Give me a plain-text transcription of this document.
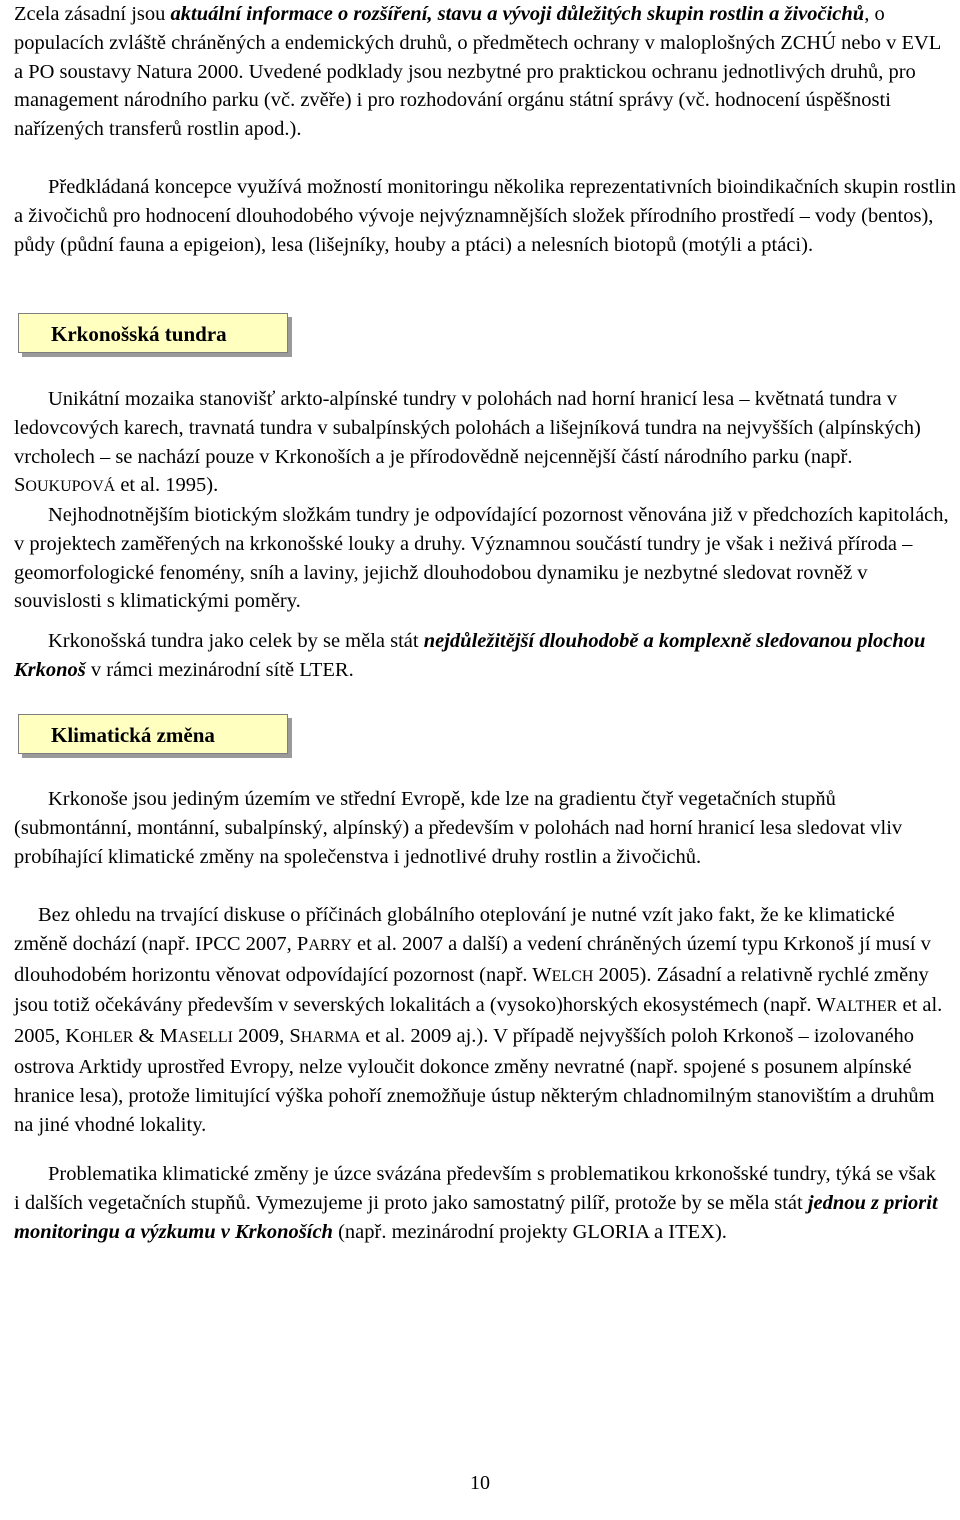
Zcela zásadní jsou aktuální informace o rozšíření, stavu a vývoji důležitých skupin rostlin a živočichů, o populacích zvláště chráněných a endemických druhů, o předmětech ochrany v maloplošných ZCHÚ nebo v EVL a PO soustavy Natura 2000. Uvedené podklady jsou nezbytné pro praktickou ochranu jednotlivých druhů, pro management národního parku (vč. zvěře) i pro rozhodování orgánu státní správy (vč. hodnocení úspěšnosti nařízených transferů rostlin apod.).

Předkládaná koncepce využívá možností monitoringu několika reprezentativních bioindikačních skupin rostlin a živočichů pro hodnocení dlouhodobého vývoje nejvýznamnějších složek přírodního prostředí – vody (bentos), půdy (půdní fauna a epigeion), lesa (lišejníky, houby a ptáci) a nelesních biotopů (motýli a ptáci).

Krkonošská tundra

Unikátní mozaika stanovišť arkto-alpínské tundry v polohách nad horní hranicí lesa – květnatá tundra v ledovcových karech, travnatá tundra v subalpínských polohách a lišejníková tundra na nejvyšších (alpínských) vrcholech – se nachází pouze v Krkonoších a je přírodovědně nejcennější částí národního parku (např. SOUKUPOVÁ et al. 1995).

Nejhodnotnějším biotickým složkám tundry je odpovídající pozornost věnována již v předchozích kapitolách, v projektech zaměřených na krkonošské louky a druhy. Významnou součástí tundry je však i neživá příroda – geomorfologické fenomény, sníh a laviny, jejichž dlouhodobou dynamiku je nezbytné sledovat rovněž v souvislosti s klimatickými poměry.

Krkonošská tundra jako celek by se měla stát nejdůležitější dlouhodobě a komplexně sledovanou plochou Krkonoš v rámci mezinárodní sítě LTER.

Klimatická změna

Krkonoše jsou jediným územím ve střední Evropě, kde lze na gradientu čtyř vegetačních stupňů (submontánní, montánní, subalpínský, alpínský) a především v polohách nad horní hranicí lesa sledovat vliv probíhající klimatické změny na společenstva i jednotlivé druhy rostlin a živočichů.

Bez ohledu na trvající diskuse o příčinách globálního oteplování je nutné vzít jako fakt, že ke klimatické změně dochází (např. IPCC 2007, PARRY et al. 2007 a další) a vedení chráněných území typu Krkonoš jí musí v dlouhodobém horizontu věnovat odpovídající pozornost (např. WELCH 2005). Zásadní a relativně rychlé změny jsou totiž očekávány především v severských lokalitách a (vysoko)horských ekosystémech (např. WALTHER et al. 2005, KOHLER & MASELLI 2009, SHARMA et al. 2009 aj.). V případě nejvyšších poloh Krkonoš – izolovaného ostrova Arktidy uprostřed Evropy, nelze vyloučit dokonce změny nevratné (např. spojené s posunem alpínské hranice lesa), protože limitující výška pohoří znemožňuje ústup některým chladnomilným stanovištím a druhům na jiné vhodné lokality.

Problematika klimatické změny je úzce svázána především s problematikou krkonošské tundry, týká se však i dalších vegetačních stupňů. Vymezujeme ji proto jako samostatný pilíř, protože by se měla stát jednou z priorit monitoringu a výzkumu v Krkonoších (např. mezinárodní projekty GLORIA a ITEX).

10
